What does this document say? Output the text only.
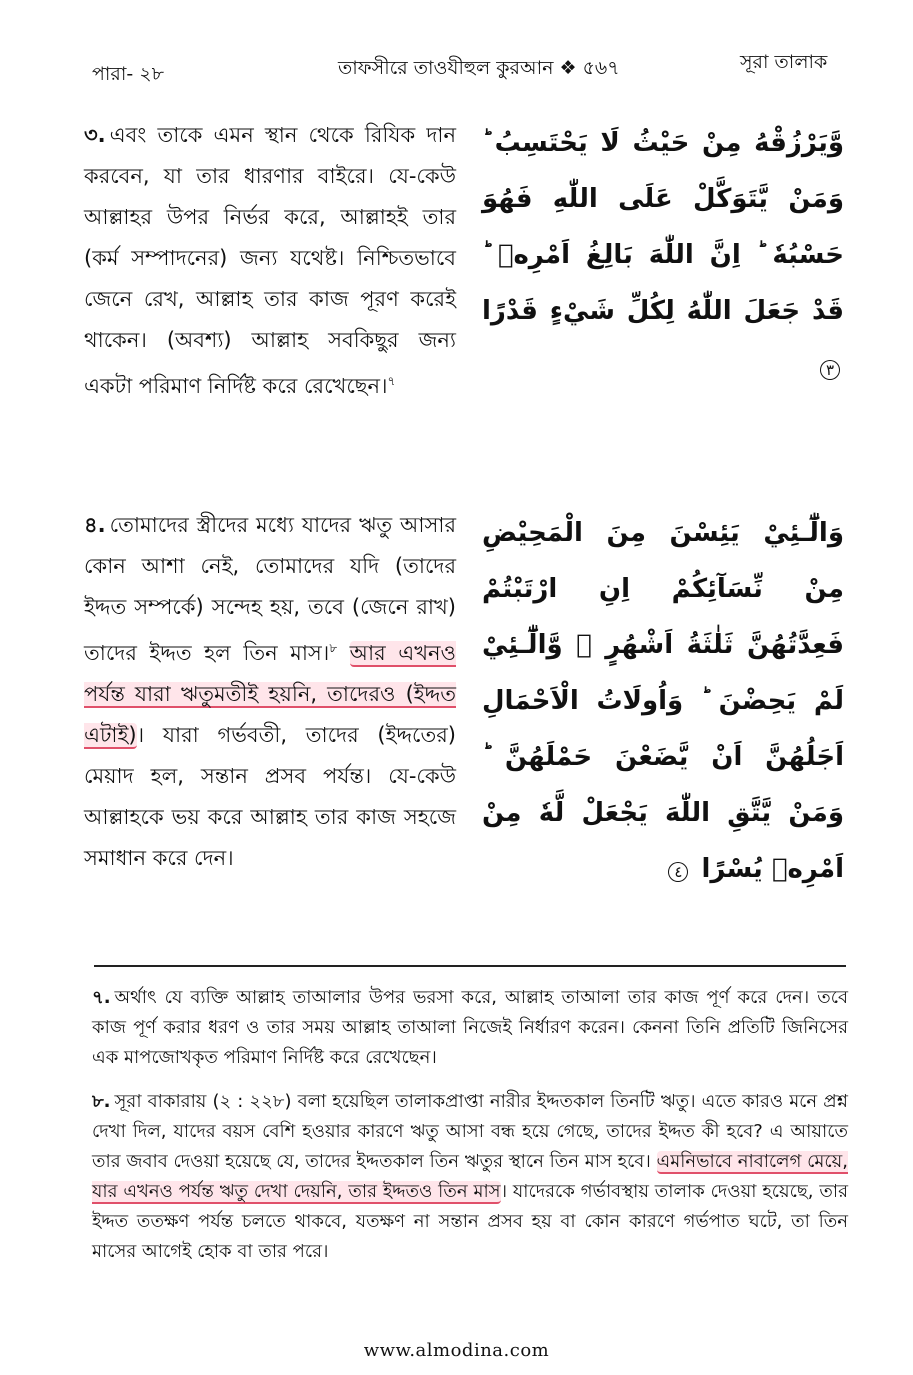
পারা- ২৮	তাফসীরে তাওযীহুল কুরআন ❖ ৫৬৭	সূরা তালাক
৩. এবং তাকে এমন স্থান থেকে রিযিক দান করবেন, যা তার ধারণার বাইরে। যে-কেউ আল্লাহর উপর নির্ভর করে, আল্লাহই তার (কর্ম সম্পাদনের) জন্য যথেষ্ট। নিশ্চিতভাবে জেনে রেখ, আল্লাহ তার কাজ পূরণ করেই থাকেন। (অবশ্য) আল্লাহ সবকিছুর জন্য একটা পরিমাণ নির্দিষ্ট করে রেখেছেন।$^৭$
وَّيَرْزُقْهُ مِنْ حَيْثُ لَا يَحْتَسِبُ ؕ وَمَنْ يَّتَوَكَّلْ عَلَى اللّٰهِ فَهُوَ حَسْبُهٗ ؕ اِنَّ اللّٰهَ بَالِغُ اَمْرِهٖ ؕ قَدْ جَعَلَ اللّٰهُ لِكُلِّ شَيْءٍ قَدْرًا ٣
৪. তোমাদের স্ত্রীদের মধ্যে যাদের ঋতু আসার কোন আশা নেই, তোমাদের যদি (তাদের ইদ্দত সম্পর্কে) সন্দেহ হয়, তবে (জেনে রাখ) তাদের ইদ্দত হল তিন মাস।$^৮$ আর এখনও পর্যন্ত যারা ঋতুমতীই হয়নি, তাদেরও (ইদ্দত এটাই)। যারা গর্ভবতী, তাদের (ইদ্দতের) মেয়াদ হল, সন্তান প্রসব পর্যন্ত। যে-কেউ আল্লাহকে ভয় করে আল্লাহ তার কাজ সহজে সমাধান করে দেন।
وَالّٰٓـئِيْ يَئِسْنَ مِنَ الْمَحِيْضِ مِنْ نِّسَآئِكُمْ اِنِ ارْتَبْتُمْ فَعِدَّتُهُنَّ ثَلٰثَةُ اَشْهُرٍ ۙ وَّالّٰٓـئِيْ لَمْ يَحِضْنَ ؕ وَاُولَاتُ الْاَحْمَالِ اَجَلُهُنَّ اَنْ يَّضَعْنَ حَمْلَهُنَّ ؕ وَمَنْ يَّتَّقِ اللّٰهَ يَجْعَلْ لَّهٗ مِنْ اَمْرِهٖ يُسْرًا ٤
৭. অর্থাৎ যে ব্যক্তি আল্লাহ তাআলার উপর ভরসা করে, আল্লাহ তাআলা তার কাজ পূর্ণ করে দেন। তবে কাজ পূর্ণ করার ধরণ ও তার সময় আল্লাহ তাআলা নিজেই নির্ধারণ করেন। কেননা তিনি প্রতিটি জিনিসের এক মাপজোখকৃত পরিমাণ নির্দিষ্ট করে রেখেছেন।
৮. সূরা বাকারায় (২ : ২২৮) বলা হয়েছিল তালাকপ্রাপ্তা নারীর ইদ্দতকাল তিনটি ঋতু। এতে কারও মনে প্রশ্ন দেখা দিল, যাদের বয়স বেশি হওয়ার কারণে ঋতু আসা বন্ধ হয়ে গেছে, তাদের ইদ্দত কী হবে? এ আয়াতে তার জবাব দেওয়া হয়েছে যে, তাদের ইদ্দতকাল তিন ঋতুর স্থানে তিন মাস হবে। এমনিভাবে নাবালেগ মেয়ে, যার এখনও পর্যন্ত ঋতু দেখা দেয়নি, তার ইদ্দতও তিন মাস। যাদেরকে গর্ভাবস্থায় তালাক দেওয়া হয়েছে, তার ইদ্দত ততক্ষণ পর্যন্ত চলতে থাকবে, যতক্ষণ না সন্তান প্রসব হয় বা কোন কারণে গর্ভপাত ঘটে, তা তিন মাসের আগেই হোক বা তার পরে।
www.almodina.com
